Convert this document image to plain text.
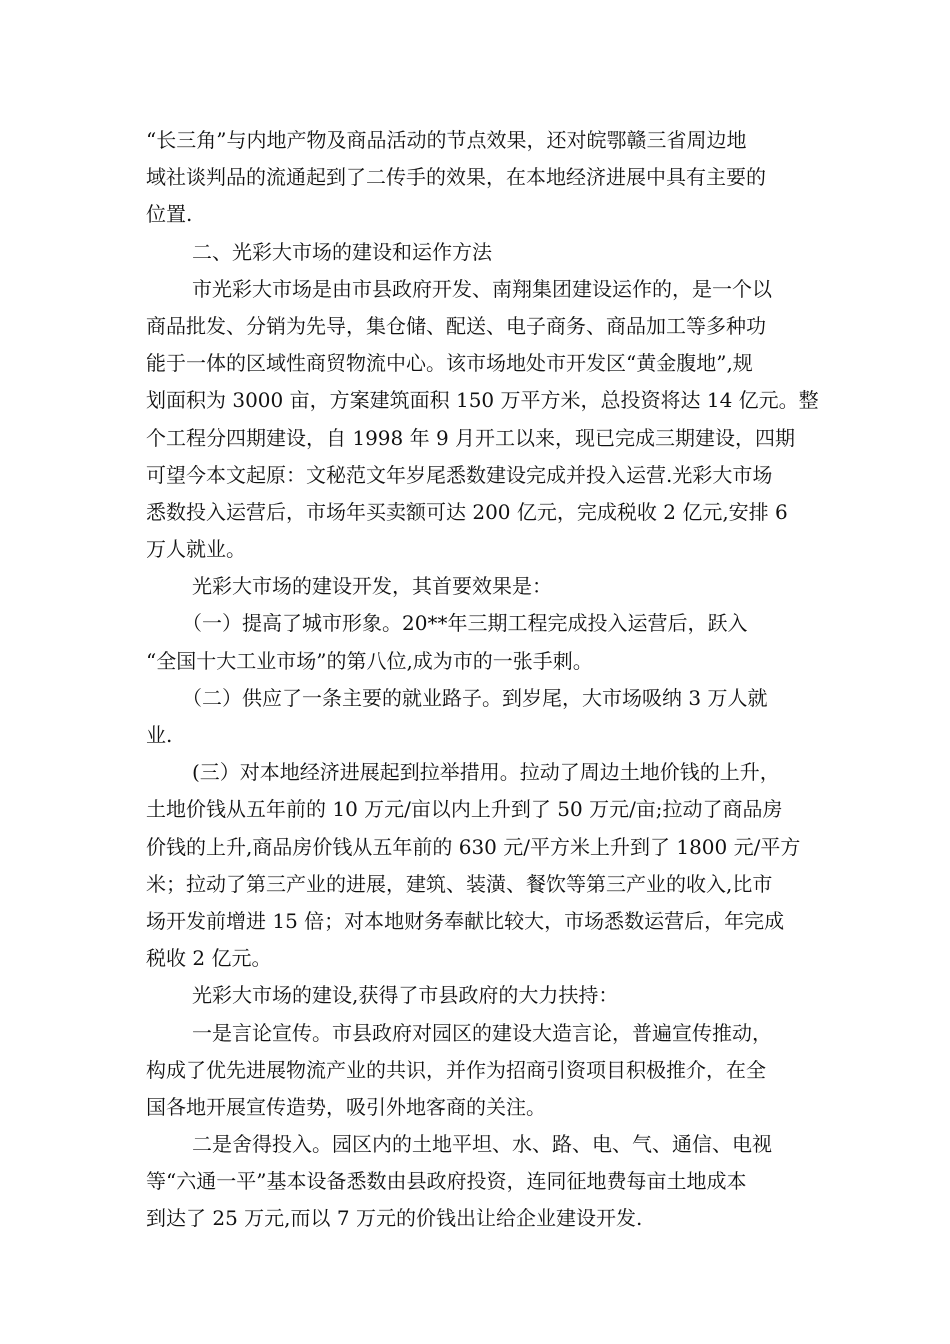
“长三角”与内地产物及商品活动的节点效果，还对皖鄂赣三省周边地
域社谈判品的流通起到了二传手的效果，在本地经济进展中具有主要的
位置.
二、光彩大市场的建设和运作方法
市光彩大市场是由市县政府开发、南翔集团建设运作的，是一个以
商品批发、分销为先导，集仓储、配送、电子商务、商品加工等多种功
能于一体的区域性商贸物流中心。该市场地处市开发区“黄金腹地”,规
划面积为 3000 亩，方案建筑面积 150 万平方米，总投资将达 14 亿元。整
个工程分四期建设，自 1998 年 9 月开工以来，现已完成三期建设，四期
可望今本文起原：文秘范文年岁尾悉数建设完成并投入运营.光彩大市场
悉数投入运营后，市场年买卖额可达 200 亿元，完成税收 2 亿元,安排 6
万人就业。
光彩大市场的建设开发，其首要效果是：
（一）提高了城市形象。20**年三期工程完成投入运营后，跃入
“全国十大工业市场”的第八位,成为市的一张手刺。
（二）供应了一条主要的就业路子。到岁尾，大市场吸纳 3 万人就
业.
(三）对本地经济进展起到拉举措用。拉动了周边土地价钱的上升，
土地价钱从五年前的 10 万元/亩以内上升到了 50 万元/亩;拉动了商品房
价钱的上升,商品房价钱从五年前的 630 元/平方米上升到了 1800 元/平方
米；拉动了第三产业的进展，建筑、装潢、餐饮等第三产业的收入,比市
场开发前增进 15 倍；对本地财务奉献比较大，市场悉数运营后，年完成
税收 2 亿元。
光彩大市场的建设,获得了市县政府的大力扶持：
一是言论宣传。市县政府对园区的建设大造言论，普遍宣传推动，
构成了优先进展物流产业的共识，并作为招商引资项目积极推介，在全
国各地开展宣传造势，吸引外地客商的关注。
二是舍得投入。园区内的土地平坦、水、路、电、气、通信、电视
等“六通一平”基本设备悉数由县政府投资，连同征地费每亩土地成本
到达了 25 万元,而以 7 万元的价钱出让给企业建设开发.
